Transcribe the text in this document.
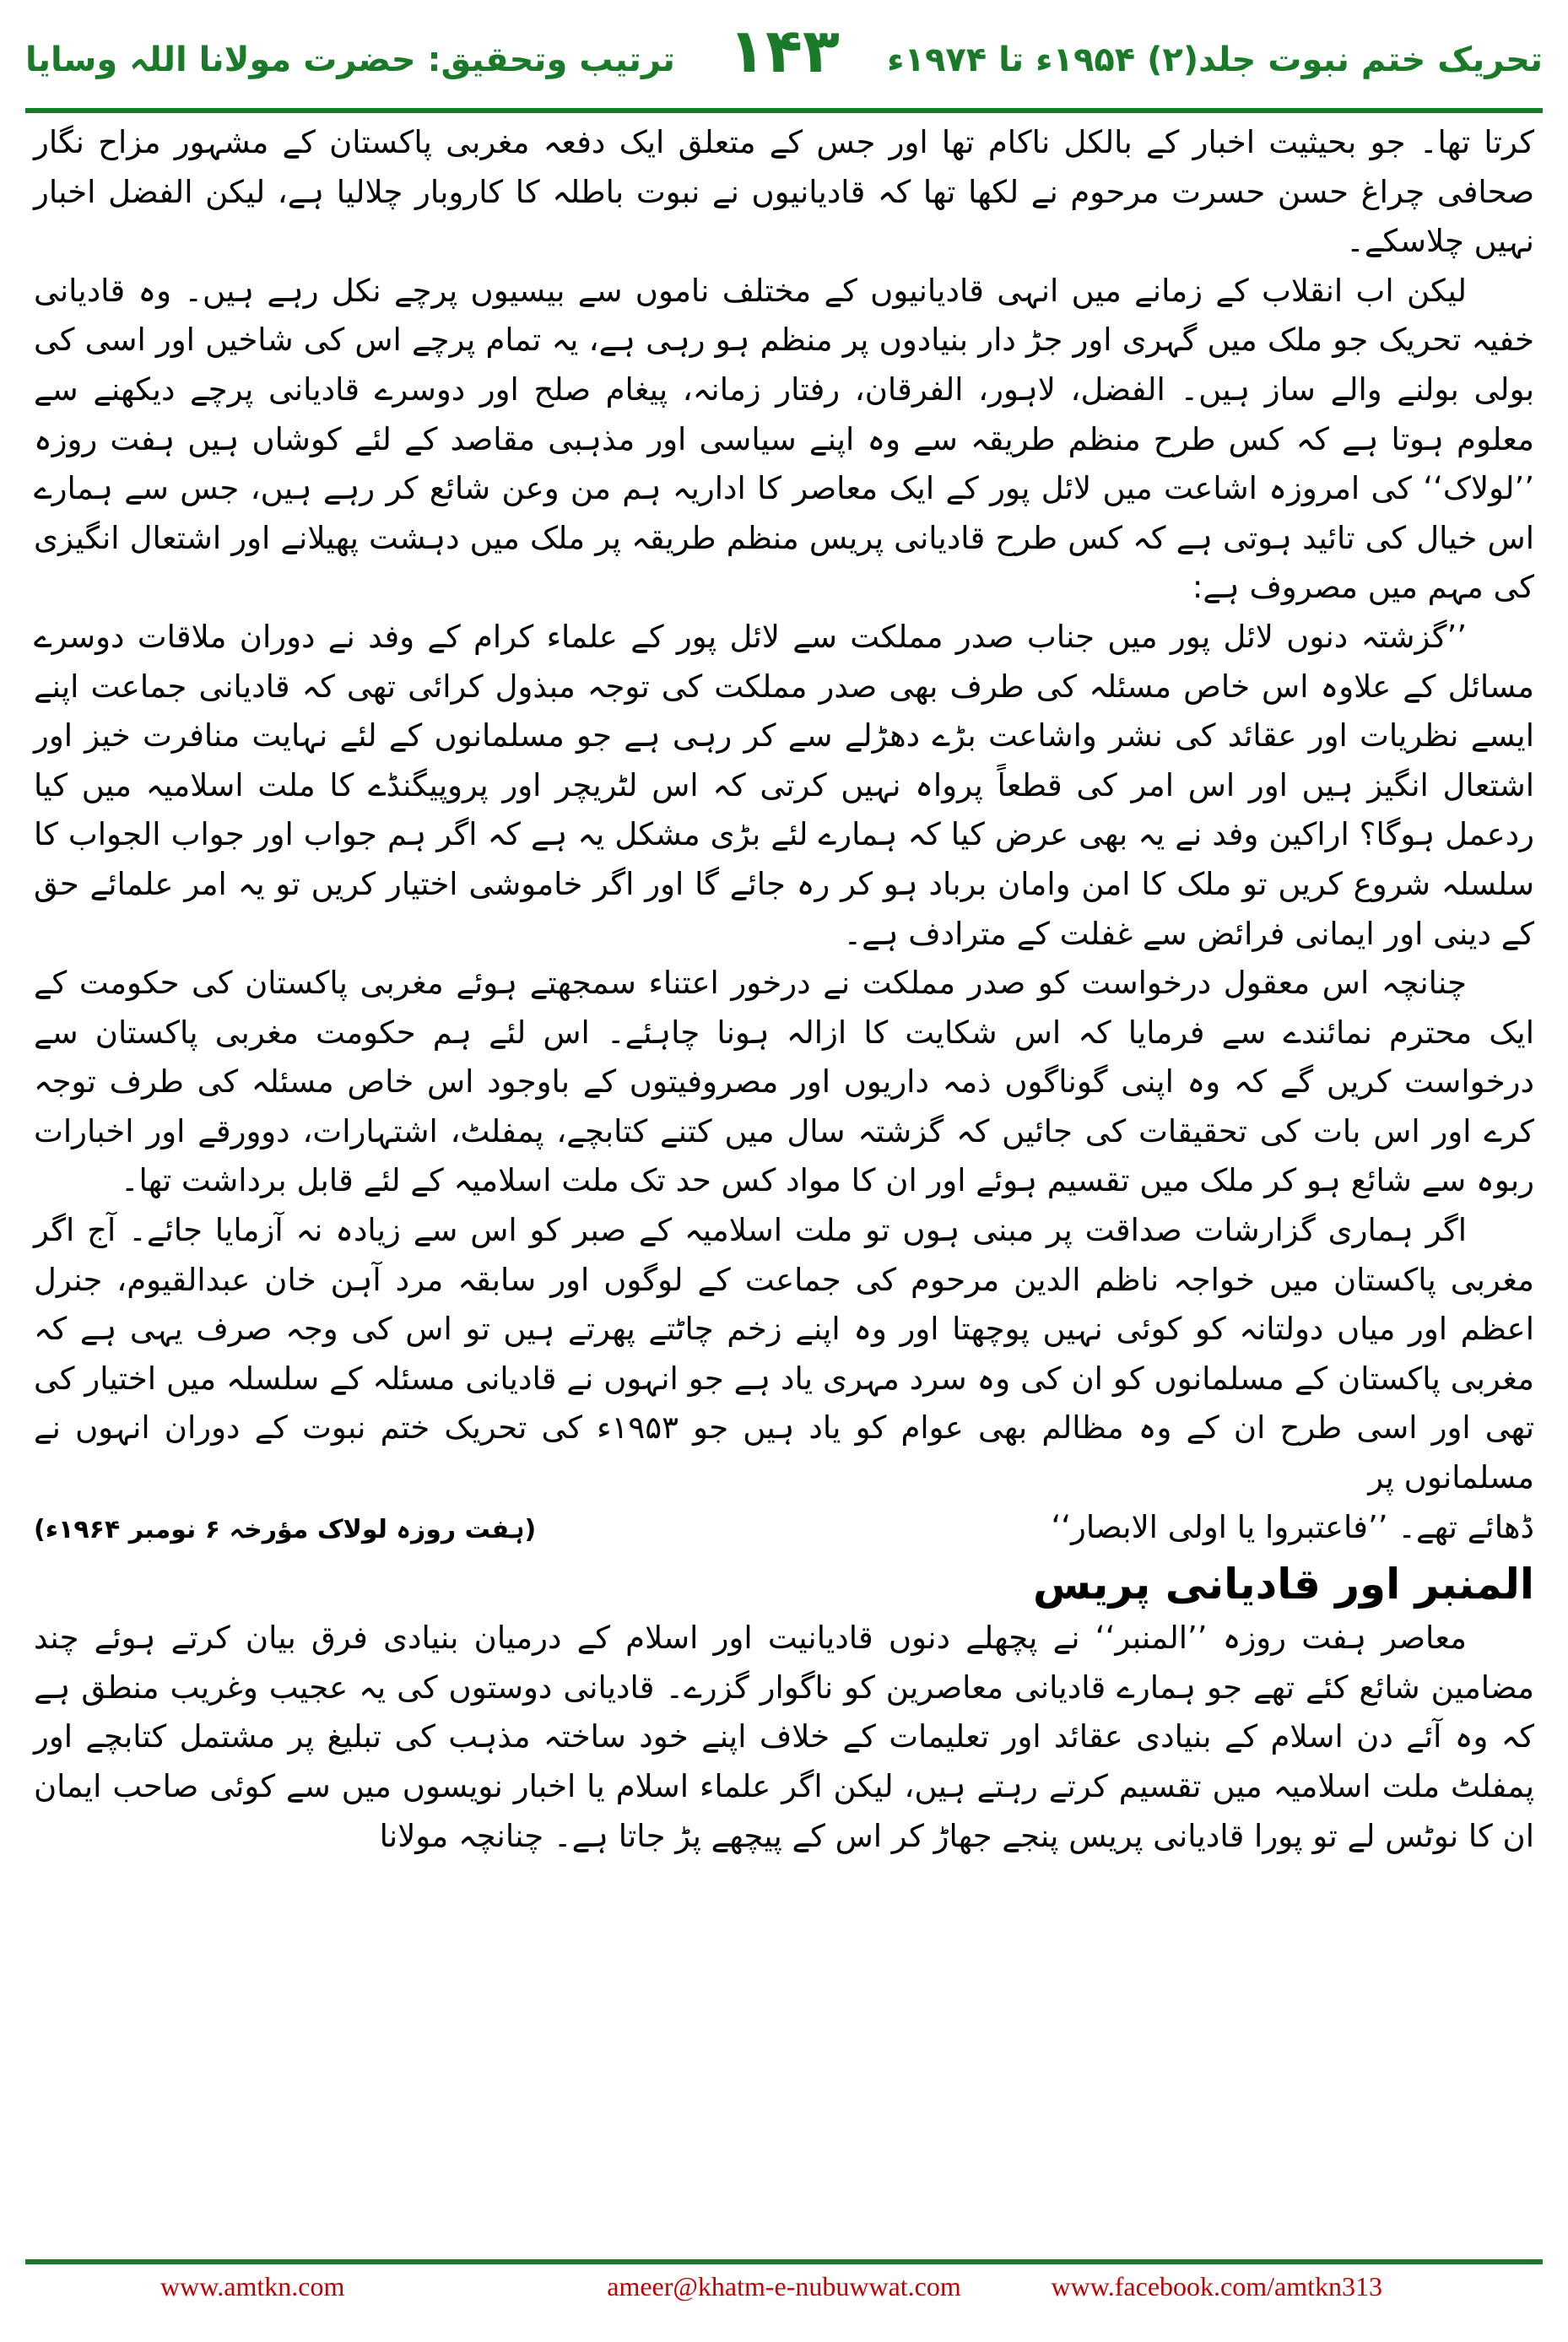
ترتیب وتحقیق: حضرت مولانا اللہ وسایا ۱۴۳	تحریک ختم نبوت جلد(۲) ۱۹۵۴ء تا ۱۹۷۴ء

کرتا تھا۔ جو بحیثیت اخبار کے بالکل ناکام تھا اور جس کے متعلق ایک دفعہ مغربی پاکستان کے مشہور مزاح نگار صحافی چراغ حسن حسرت مرحوم نے لکھا تھا کہ قادیانیوں نے نبوت باطلہ کا کاروبار چلالیا ہے، لیکن الفضل اخبار نہیں چلاسکے۔

لیکن اب انقلاب کے زمانے میں انہی قادیانیوں کے مختلف ناموں سے بیسیوں پرچے نکل رہے ہیں۔ وہ قادیانی خفیہ تحریک جو ملک میں گہری اور جڑ دار بنیادوں پر منظم ہو رہی ہے، یہ تمام پرچے اس کی شاخیں اور اسی کی بولی بولنے والے ساز ہیں۔ الفضل، لاہور، الفرقان، رفتار زمانہ، پیغام صلح اور دوسرے قادیانی پرچے دیکھنے سے معلوم ہوتا ہے کہ کس طرح منظم طریقہ سے وہ اپنے سیاسی اور مذہبی مقاصد کے لئے کوشاں ہیں ہفت روزہ ’’لولاک‘‘ کی امروزہ اشاعت میں لائل پور کے ایک معاصر کا اداریہ ہم من وعن شائع کر رہے ہیں، جس سے ہمارے اس خیال کی تائید ہوتی ہے کہ کس طرح قادیانی پریس منظم طریقہ پر ملک میں دہشت پھیلانے اور اشتعال انگیزی کی مہم میں مصروف ہے:

’’گزشتہ دنوں لائل پور میں جناب صدر مملکت سے لائل پور کے علماء کرام کے وفد نے دوران ملاقات دوسرے مسائل کے علاوہ اس خاص مسئلہ کی طرف بھی صدر مملکت کی توجہ مبذول کرائی تھی کہ قادیانی جماعت اپنے ایسے نظریات اور عقائد کی نشر واشاعت بڑے دھڑلے سے کر رہی ہے جو مسلمانوں کے لئے نہایت منافرت خیز اور اشتعال انگیز ہیں اور اس امر کی قطعاً پرواہ نہیں کرتی کہ اس لٹریچر اور پروپیگنڈے کا ملت اسلامیہ میں کیا ردعمل ہوگا؟ اراکین وفد نے یہ بھی عرض کیا کہ ہمارے لئے بڑی مشکل یہ ہے کہ اگر ہم جواب اور جواب الجواب کا سلسلہ شروع کریں تو ملک کا امن وامان برباد ہو کر رہ جائے گا اور اگر خاموشی اختیار کریں تو یہ امر علمائے حق کے دینی اور ایمانی فرائض سے غفلت کے مترادف ہے۔

چنانچہ اس معقول درخواست کو صدر مملکت نے درخور اعتناء سمجھتے ہوئے مغربی پاکستان کی حکومت کے ایک محترم نمائندے سے فرمایا کہ اس شکایت کا ازالہ ہونا چاہئے۔ اس لئے ہم حکومت مغربی پاکستان سے درخواست کریں گے کہ وہ اپنی گوناگوں ذمہ داریوں اور مصروفیتوں کے باوجود اس خاص مسئلہ کی طرف توجہ کرے اور اس بات کی تحقیقات کی جائیں کہ گزشتہ سال میں کتنے کتابچے، پمفلٹ، اشتہارات، دوورقے اور اخبارات ربوہ سے شائع ہو کر ملک میں تقسیم ہوئے اور ان کا مواد کس حد تک ملت اسلامیہ کے لئے قابل برداشت تھا۔

اگر ہماری گزارشات صداقت پر مبنی ہوں تو ملت اسلامیہ کے صبر کو اس سے زیادہ نہ آزمایا جائے۔ آج اگر مغربی پاکستان میں خواجہ ناظم الدین مرحوم کی جماعت کے لوگوں اور سابقہ مرد آہن خان عبدالقیوم، جنرل اعظم اور میاں دولتانہ کو کوئی نہیں پوچھتا اور وہ اپنے زخم چاٹتے پھرتے ہیں تو اس کی وجہ صرف یہی ہے کہ مغربی پاکستان کے مسلمانوں کو ان کی وہ سرد مہری یاد ہے جو انہوں نے قادیانی مسئلہ کے سلسلہ میں اختیار کی تھی اور اسی طرح ان کے وہ مظالم بھی عوام کو یاد ہیں جو ۱۹۵۳ء کی تحریک ختم نبوت کے دوران انہوں نے مسلمانوں پر

ڈھائے تھے۔ ’’فاعتبروا یا اولی الابصار‘‘
(ہفت روزہ لولاک مؤرخہ ۶ نومبر ۱۹۶۴ء)

المنبر اور قادیانی پریس

معاصر ہفت روزہ ’’المنبر‘‘ نے پچھلے دنوں قادیانیت اور اسلام کے درمیان بنیادی فرق بیان کرتے ہوئے چند مضامین شائع کئے تھے جو ہمارے قادیانی معاصرین کو ناگوار گزرے۔ قادیانی دوستوں کی یہ عجیب وغریب منطق ہے کہ وہ آئے دن اسلام کے بنیادی عقائد اور تعلیمات کے خلاف اپنے خود ساختہ مذہب کی تبلیغ پر مشتمل کتابچے اور پمفلٹ ملت اسلامیہ میں تقسیم کرتے رہتے ہیں، لیکن اگر علماء اسلام یا اخبار نویسوں میں سے کوئی صاحب ایمان ان کا نوٹس لے تو پورا قادیانی پریس پنجے جھاڑ کر اس کے پیچھے پڑ جاتا ہے۔ چنانچہ مولانا

www.amtkn.com	ameer@khatm-e-nubuwwat.com	www.facebook.com/amtkn313
